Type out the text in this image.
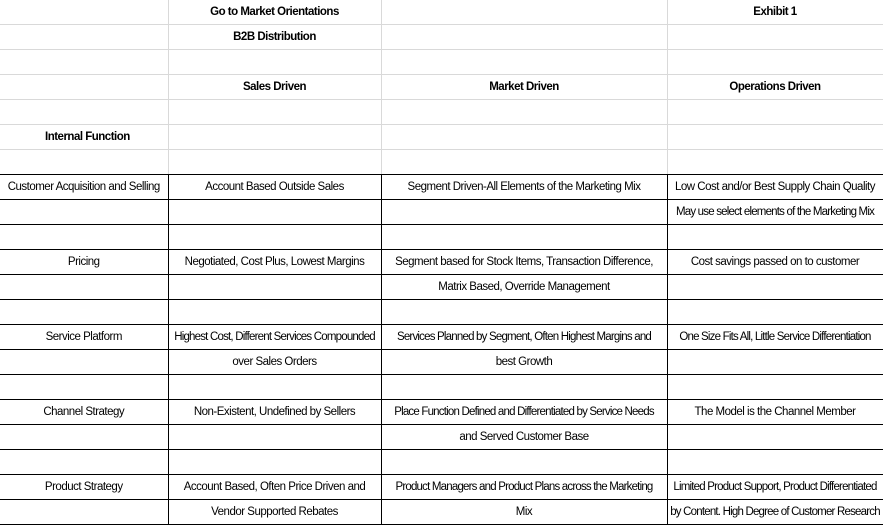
	Go to Market Orientations		Exhibit 1
	B2B Distribution		

	Sales Driven	Market Driven	Operations Driven

Internal Function			

Customer Acquisition and Selling	Account Based Outside Sales	Segment Driven-All Elements of the Marketing Mix	Low Cost and/or Best Supply Chain Quality
			May use select elements of the Marketing Mix

Pricing	Negotiated, Cost Plus, Lowest Margins	Segment based for Stock Items, Transaction Difference,	Cost savings passed on to customer
		Matrix Based, Override Management	

Service Platform	Highest Cost, Different Services Compounded	Services Planned by Segment, Often Highest Margins and	One Size Fits All, Little Service Differentiation
	over Sales Orders	best Growth	

Channel Strategy	Non-Existent, Undefined by Sellers	Place Function Defined and Differentiated by Service Needs	The Model is the Channel Member
		and Served Customer Base	

Product Strategy	Account Based, Often Price Driven and	Product Managers and Product Plans across the Marketing	Limited Product Support, Product Differentiated
	Vendor Supported Rebates	Mix	by Content. High Degree of Customer Research
